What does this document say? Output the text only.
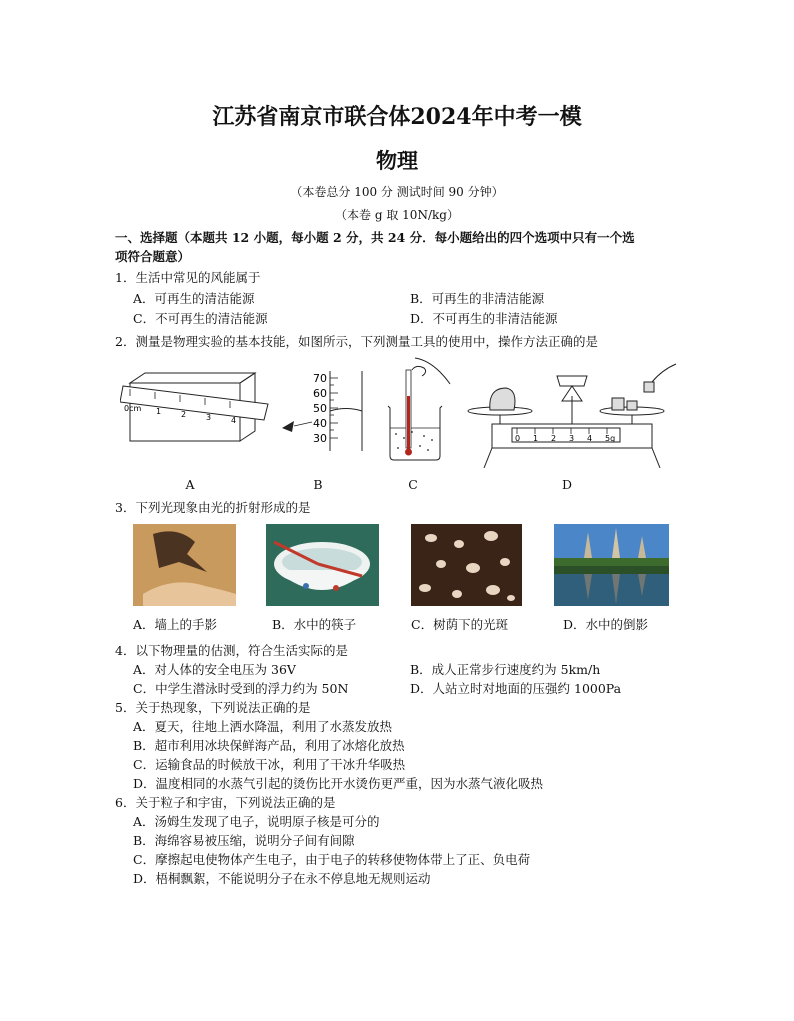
江苏省南京市联合体2024年中考一模
物理
（本卷总分 100 分 测试时间 90 分钟）
（本卷 g 取 10N/kg）
一、选择题（本题共 12 小题，每小题 2 分，共 24 分．每小题给出的四个选项中只有一个选
项符合题意）
1．生活中常见的风能属于
A．可再生的清洁能源	B．可再生的非清洁能源
C．不可再生的清洁能源	D．不可再生的非清洁能源
2．测量是物理实验的基本技能，如图所示，下列测量工具的使用中，操作方法正确的是
0cm 1 2 3 4
70
60
50
40
30	0 1 2 3 4 5g
A	B	C	D
3．下列光现象由光的折射形成的是
A．墙上的手影	B．水中的筷子	C．树荫下的光斑	D．水中的倒影
4．以下物理量的估测，符合生活实际的是
A．对人体的安全电压为 36V	B．成人正常步行速度约为 5km/h
C．中学生潜泳时受到的浮力约为 50N	D．人站立时对地面的压强约 1000Pa
5．关于热现象，下列说法正确的是
A．夏天，往地上洒水降温，利用了水蒸发放热
B．超市利用冰块保鲜海产品，利用了冰熔化放热
C．运输食品的时候放干冰，利用了干冰升华吸热
D．温度相同的水蒸气引起的烫伤比开水烫伤更严重，因为水蒸气液化吸热
6．关于粒子和宇宙，下列说法正确的是
A．汤姆生发现了电子，说明原子核是可分的
B．海绵容易被压缩，说明分子间有间隙
C．摩擦起电使物体产生电子，由于电子的转移使物体带上了正、负电荷
D．梧桐飘絮，不能说明分子在永不停息地无规则运动
